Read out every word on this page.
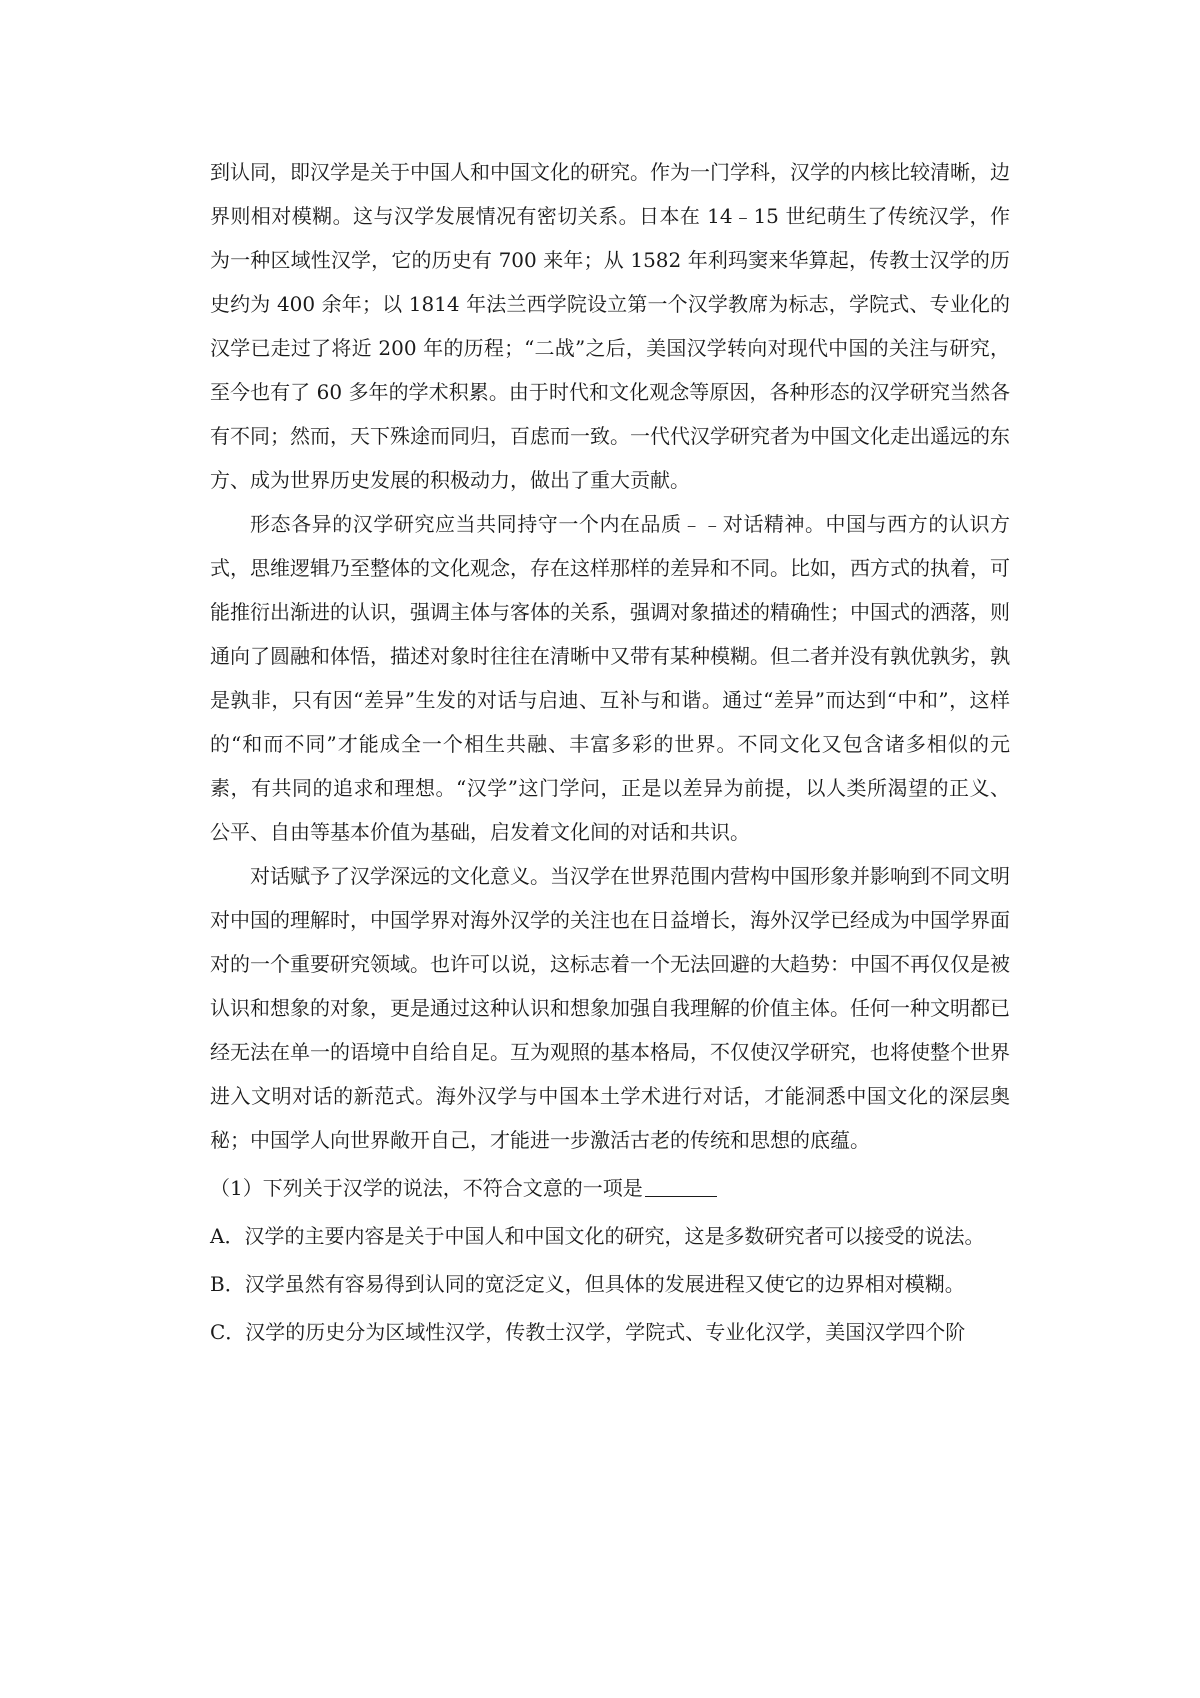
到认同，即汉学是关于中国人和中国文化的研究。作为一门学科，汉学的内核比较清晰，边界则相对模糊。这与汉学发展情况有密切关系。日本在 14﹣15 世纪萌生了传统汉学，作为一种区域性汉学，它的历史有 700 来年；从 1582 年利玛窦来华算起，传教士汉学的历史约为 400 余年；以 1814 年法兰西学院设立第一个汉学教席为标志，学院式、专业化的汉学已走过了将近 200 年的历程；“二战”之后，美国汉学转向对现代中国的关注与研究，至今也有了 60 多年的学术积累。由于时代和文化观念等原因，各种形态的汉学研究当然各有不同；然而，天下殊途而同归，百虑而一致。一代代汉学研究者为中国文化走出遥远的东方、成为世界历史发展的积极动力，做出了重大贡献。

形态各异的汉学研究应当共同持守一个内在品质﹣﹣对话精神。中国与西方的认识方式，思维逻辑乃至整体的文化观念，存在这样那样的差异和不同。比如，西方式的执着，可能推衍出渐进的认识，强调主体与客体的关系，强调对象描述的精确性；中国式的洒落，则通向了圆融和体悟，描述对象时往往在清晰中又带有某种模糊。但二者并没有孰优孰劣，孰是孰非，只有因“差异”生发的对话与启迪、互补与和谐。通过“差异”而达到“中和”，这样的“和而不同”才能成全一个相生共融、丰富多彩的世界。不同文化又包含诸多相似的元素，有共同的追求和理想。“汉学”这门学问，正是以差异为前提，以人类所渴望的正义、公平、自由等基本价值为基础，启发着文化间的对话和共识。

对话赋予了汉学深远的文化意义。当汉学在世界范围内营构中国形象并影响到不同文明对中国的理解时，中国学界对海外汉学的关注也在日益增长，海外汉学已经成为中国学界面对的一个重要研究领域。也许可以说，这标志着一个无法回避的大趋势：中国不再仅仅是被认识和想象的对象，更是通过这种认识和想象加强自我理解的价值主体。任何一种文明都已经无法在单一的语境中自给自足。互为观照的基本格局，不仅使汉学研究，也将使整个世界进入文明对话的新范式。海外汉学与中国本土学术进行对话，才能洞悉中国文化的深层奥秘；中国学人向世界敞开自己，才能进一步激活古老的传统和思想的底蕴。

（1）下列关于汉学的说法，不符合文意的一项是

A．汉学的主要内容是关于中国人和中国文化的研究，这是多数研究者可以接受的说法。

B．汉学虽然有容易得到认同的宽泛定义，但具体的发展进程又使它的边界相对模糊。

C．汉学的历史分为区域性汉学，传教士汉学，学院式、专业化汉学，美国汉学四个阶
